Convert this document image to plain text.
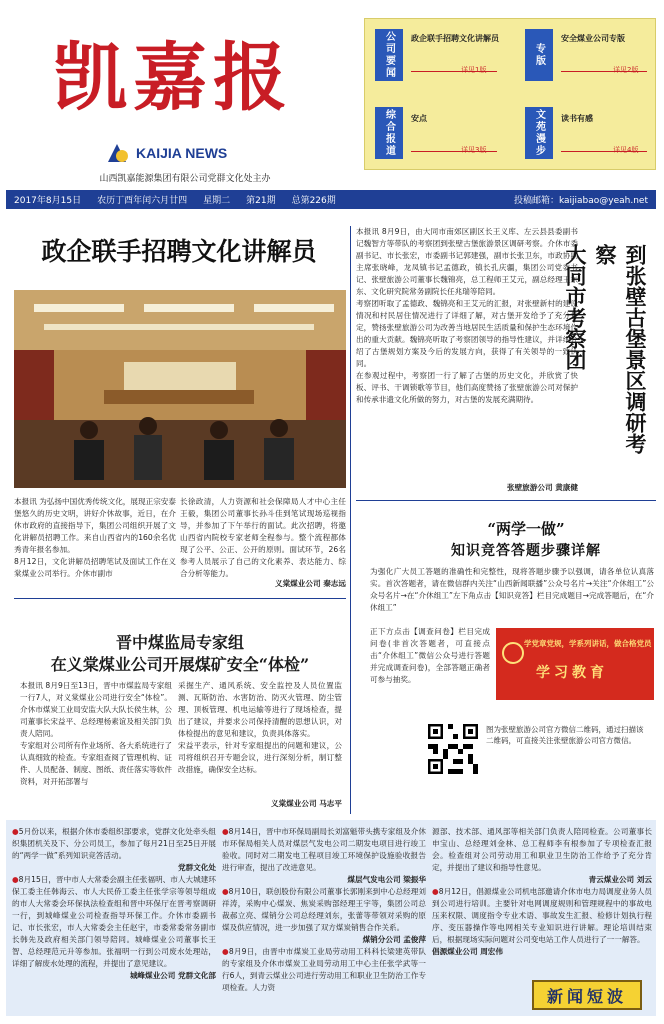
凯嘉报
KAIJIA NEWS
山西凯嘉能源集团有限公司党群文化处主办
公司要闻	政企联手招聘文化讲解员
详见1版
专版
安全煤业公司专版
详见2版
综合报道	安点
详见3版	文苑漫步	读书有感
详见4版
2017年8月15日	农历丁酉年闰六月廿四	星期二	第21期	总第226期	投稿邮箱：kaijiabao@yeah.net
政企联手招聘文化讲解员
本报讯 为弘扬中国优秀传统文化，展现正宗安泰堡悠久的历史文明，讲好介休故事，近日，在介休市政府的直接指导下，集团公司组织开展了文化讲解员招聘工作。来自山西省内的160余名优秀青年报名参加。
8月12日，文化讲解员招聘笔试及面试工作在义棠煤业公司举行。介休市副市
长徐政清，人力资源和社会保障局人才中心主任王毅，集团公司董事长孙斗佳到笔试现场巡视指导，并参加了下午举行的面试。此次招聘，将邀山西省内院校专家老师全程参与。整个流程都体现了公平、公正、公开的原则。面试环节，26名参考人员展示了自己的文化素养、表达能力、综合分析等能力。
义棠煤业公司 秦志远
晋中煤监局专家组
在义棠煤业公司开展煤矿安全“体检”
本报讯 8月9日至13日，晋中市煤监局专家组一行7人，对义棠煤业公司进行安全“体检”。介休市煤炭工业局安监大队大队长侯生林，公司董事长宋益平、总经理杨素谊及相关部门负责人陪同。
专家组对公司所有作业场所、各大系统进行了认真细致的检查。专家组查阅了管理机构、证件、人员配备、制度、图纸、责任落实等软件资料，对开拓部署与
采掘生产、通风系统、安全监控及人员位置监测、瓦斯防治、水害防治、防灭火管理、防尘管理、顶板管理、机电运输等进行了现场检查，提出了建议，并要求公司保持清醒的思想认识，对体检提出的意见和建议，负责具体落实。
宋益平表示，针对专家组提出的问题和建议，公司将组织召开专题会议，进行深刻分析，制订整改措施，确保安全达标。
义棠煤业公司 马志平
本报讯 8月9日，由大同市南郊区副区长王义库、左云县县委副书记魏智方等带队的考察团到张壁古堡旅游景区调研考察。介休市委副书记、市长张宏，市委副书记郭建强，副市长张卫东，市政协副主席张晓峰，龙凤镇书记孟德政，镇长孔庆疆，集团公司党委书记、张壁旅游公司董事长魏锦亮，总工程师王艾元，副总经理王东东、文化研究院常务副院长任兆瑞等陪同。
考察团听取了孟德政、魏锦亮和王艾元的汇报，对张壁新村的建设情况和村民居住情况进行了详细了解，对古堡开发给予了充分肯定，赞扬张壁旅游公司为改善当地居民生活质量和保护生态环境作出的重大贡献。魏锦亮听取了考察团领导的指导性建议，并详细介绍了古堡规划方案及今后的发展方向，获得了有关领导的一致认同。
在参观过程中，考察团一行了解了古堡的历史文化，并欣赏了快板、评书、干调锁歌等节目，他们高度赞扬了张壁旅游公司对保护和传承非遗文化所做的努力，对古堡的发展充满期待。
张壁旅游公司 黄康健
到张壁古堡景区调研考察
大同市考察团
“两学一做”
知识竞答答题步骤详解
为强化广大员工答题的准确性和完整性，现将答题步骤予以强调，请各单位认真落实。首次答题者，请在微信群内关注“山西新闻联播”公众号名片→关注“介休组工”公众号名片→在“介休组工”左下角点击【知识竞答】栏目完成题目→完成答题后，在“介休组工”
正下方点击【调查问卷】栏目完成问卷(非首次答题者，可直接点击“介休组工”微信公众号进行答题并完成调查问卷)，全部答题正确者可参与抽奖。
学党章党规，学系列讲话，做合格党员
学习教育
图为张壁旅游公司官方微信二维码，通过扫描该二维码，可直接关注张壁旅游公司官方微信。
●5月份以来，根据介休市委组织部要求，党群文化处牵头组织集团机关及下、分公司员工，参加了每月21日至25日开展的“两学一做”系列知识竞答活动。
党群文化处
●8月15日，晋中市人大常委会副主任张福明、市人大城建环保工委主任韩海云、市人大民侨工委主任张学宗等领导组成的市人大常委会环保执法检查组和晋中环保厅在晋考察调研一行，到城峰煤业公司检查指导环保工作。介休市委副书记、市长张宏，市人大常委会主任赵宇，市委常委常务副市长韩先及政府相关部门领导陪同。城峰煤业公司董事长王智、总经理范元升等参加。张福明一行到公司废水处理站，详细了解废水处理的流程，并提出了意见建议。
城峰煤业公司 党群文化部
●8月14日，晋中市环保局副局长刘富魁带头携专家组及介休市环保局相关人员对煤层气发电公司二期发电项目进行竣工验收。同时对二期发电工程项目竣工环境保护设施验收报告进行审查，提出了改进意见。
煤层气发电公司 梁振华
●8月10日，联创股份有限公司董事长郭刚来到中心总经理刘祥涛，采购中心煤炭、焦炭采购部经理王宇等，集团公司总裁郝立亮、煤销分公司总经理刘东，张蕾等带领对采购的原煤及供应情况，进一步加强了双方煤炭销售合作关系。
煤销分公司 孟俊萍
●8月9日，由晋中市煤炭工业局劳动用工科科长梁建英带队的专家组及介休市煤炭工业局劳动用工中心主任张学武等一行6人，到青云煤业公司进行劳动用工和职业卫生防治工作专项检查。人力资
源部、技术部、通风部等相关部门负责人陪同检查。公司董事长申宝山、总经理刘金林、总工程师李有根参加了专项检查汇报会。检查组对公司劳动用工和职业卫生防治工作给予了充分肯定，并提出了建议和指导性意见。
青云煤业公司 刘云
●8月12日，倡源煤业公司机电部邀请介休市电力局调度业务人员到公司进行培训。主要针对电网调度规则和管理规程中的事故电压来权限、调度指令专业术语、事故发生汇报、检修计划执行程序、变压器操作等电网相关专业知识进行讲解。理论培训结束后，根据现场实际问题对公司变电站工作人员进行了一一解答。
倡源煤业公司 周宏伟
新闻短波
